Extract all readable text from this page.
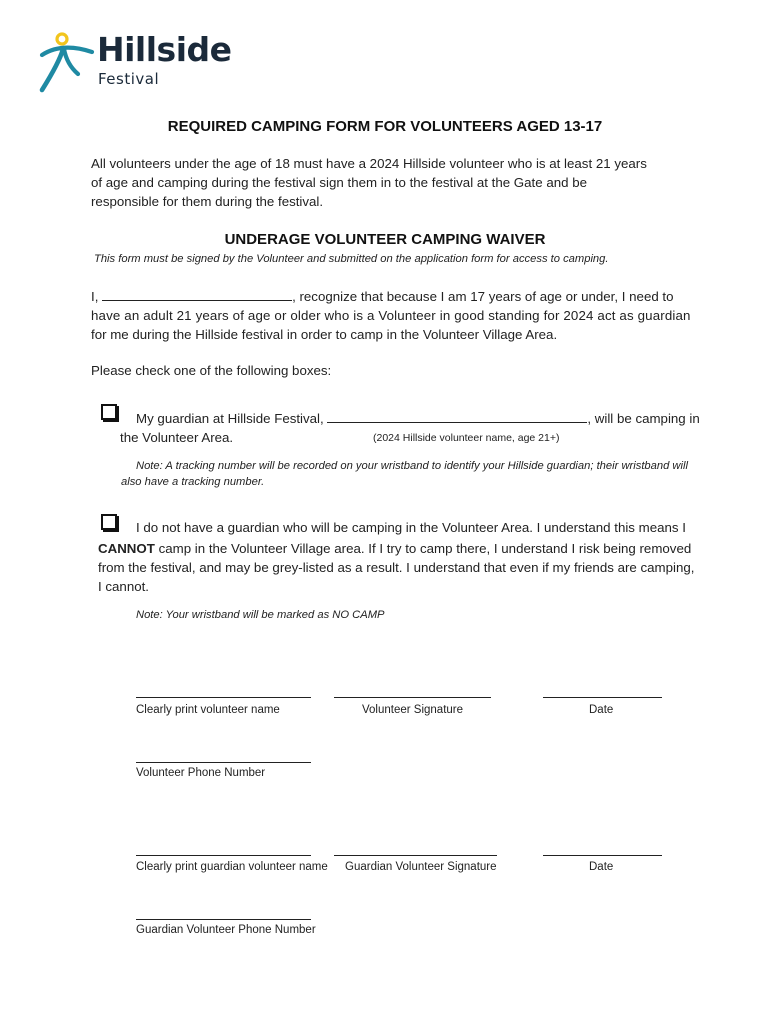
Hillside
Festival
REQUIRED CAMPING FORM FOR VOLUNTEERS AGED 13-17
All volunteers under the age of 18 must have a 2024 Hillside volunteer who is at least 21 years
of age and camping during the festival sign them in to the festival at the Gate and be
responsible for them during the festival.
UNDERAGE VOLUNTEER CAMPING WAIVER
This form must be signed by the Volunteer and submitted on the application form for access to camping.
I,	, recognize that because I am 17 years of age or under, I need to
have an adult 21 years of age or older who is a Volunteer in good standing for 2024 act as guardian
for me during the Hillside festival in order to camp in the Volunteer Village Area.
Please check one of the following boxes:
My guardian at Hillside Festival,	, will be camping in
the Volunteer Area.	(2024 Hillside volunteer name, age 21+)
Note: A tracking number will be recorded on your wristband to identify your Hillside guardian; their wristband will
also have a tracking number.
I do not have a guardian who will be camping in the Volunteer Area. I understand this means I
CANNOT camp in the Volunteer Village area. If I try to camp there, I understand I risk being removed
from the festival, and may be grey-listed as a result. I understand that even if my friends are camping,
I cannot.
Note: Your wristband will be marked as NO CAMP
Clearly print volunteer name	Volunteer Signature	Date
Volunteer Phone Number
Clearly print guardian volunteer name Guardian Volunteer Signature	Date
Guardian Volunteer Phone Number
